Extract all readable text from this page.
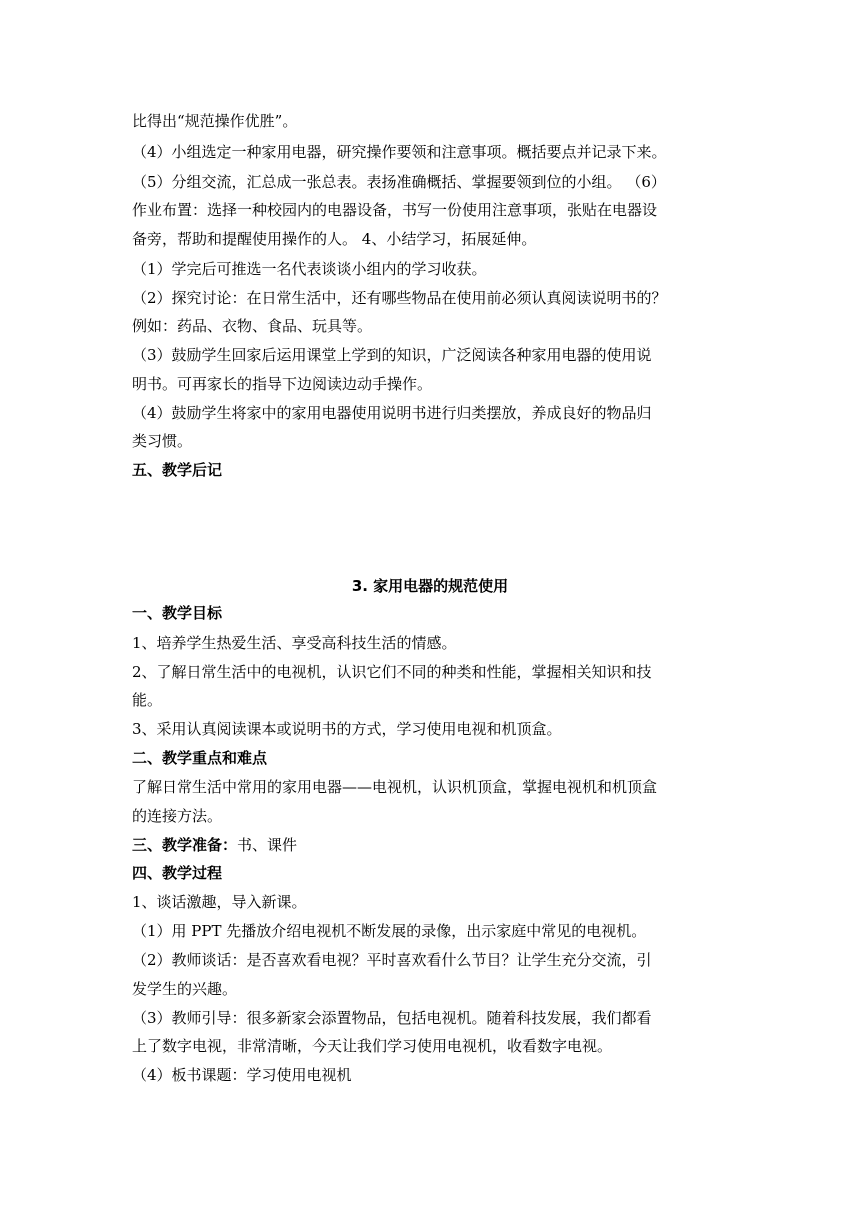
比得出“规范操作优胜”。
（4）小组选定一种家用电器，研究操作要领和注意事项。概括要点并记录下来。
（5）分组交流，汇总成一张总表。表扬准确概括、掌握要领到位的小组。 （6）
作业布置：选择一种校园内的电器设备，书写一份使用注意事项，张贴在电器设
备旁，帮助和提醒使用操作的人。 4、小结学习，拓展延伸。
（1）学完后可推选一名代表谈谈小组内的学习收获。
（2）探究讨论：在日常生活中，还有哪些物品在使用前必须认真阅读说明书的？
例如：药品、衣物、食品、玩具等。
（3）鼓励学生回家后运用课堂上学到的知识，广泛阅读各种家用电器的使用说
明书。可再家长的指导下边阅读边动手操作。
（4）鼓励学生将家中的家用电器使用说明书进行归类摆放，养成良好的物品归
类习惯。
五、教学后记
3. 家用电器的规范使用
一、教学目标
1、培养学生热爱生活、享受高科技生活的情感。
2、了解日常生活中的电视机，认识它们不同的种类和性能，掌握相关知识和技
能。
3、采用认真阅读课本或说明书的方式，学习使用电视和机顶盒。
二、教学重点和难点
了解日常生活中常用的家用电器——电视机，认识机顶盒，掌握电视机和机顶盒
的连接方法。
三、教学准备：书、课件
四、教学过程
1、谈话激趣，导入新课。
（1）用 PPT 先播放介绍电视机不断发展的录像，出示家庭中常见的电视机。
（2）教师谈话：是否喜欢看电视？平时喜欢看什么节目？让学生充分交流，引
发学生的兴趣。
（3）教师引导：很多新家会添置物品，包括电视机。随着科技发展，我们都看
上了数字电视，非常清晰，今天让我们学习使用电视机，收看数字电视。
（4）板书课题：学习使用电视机
